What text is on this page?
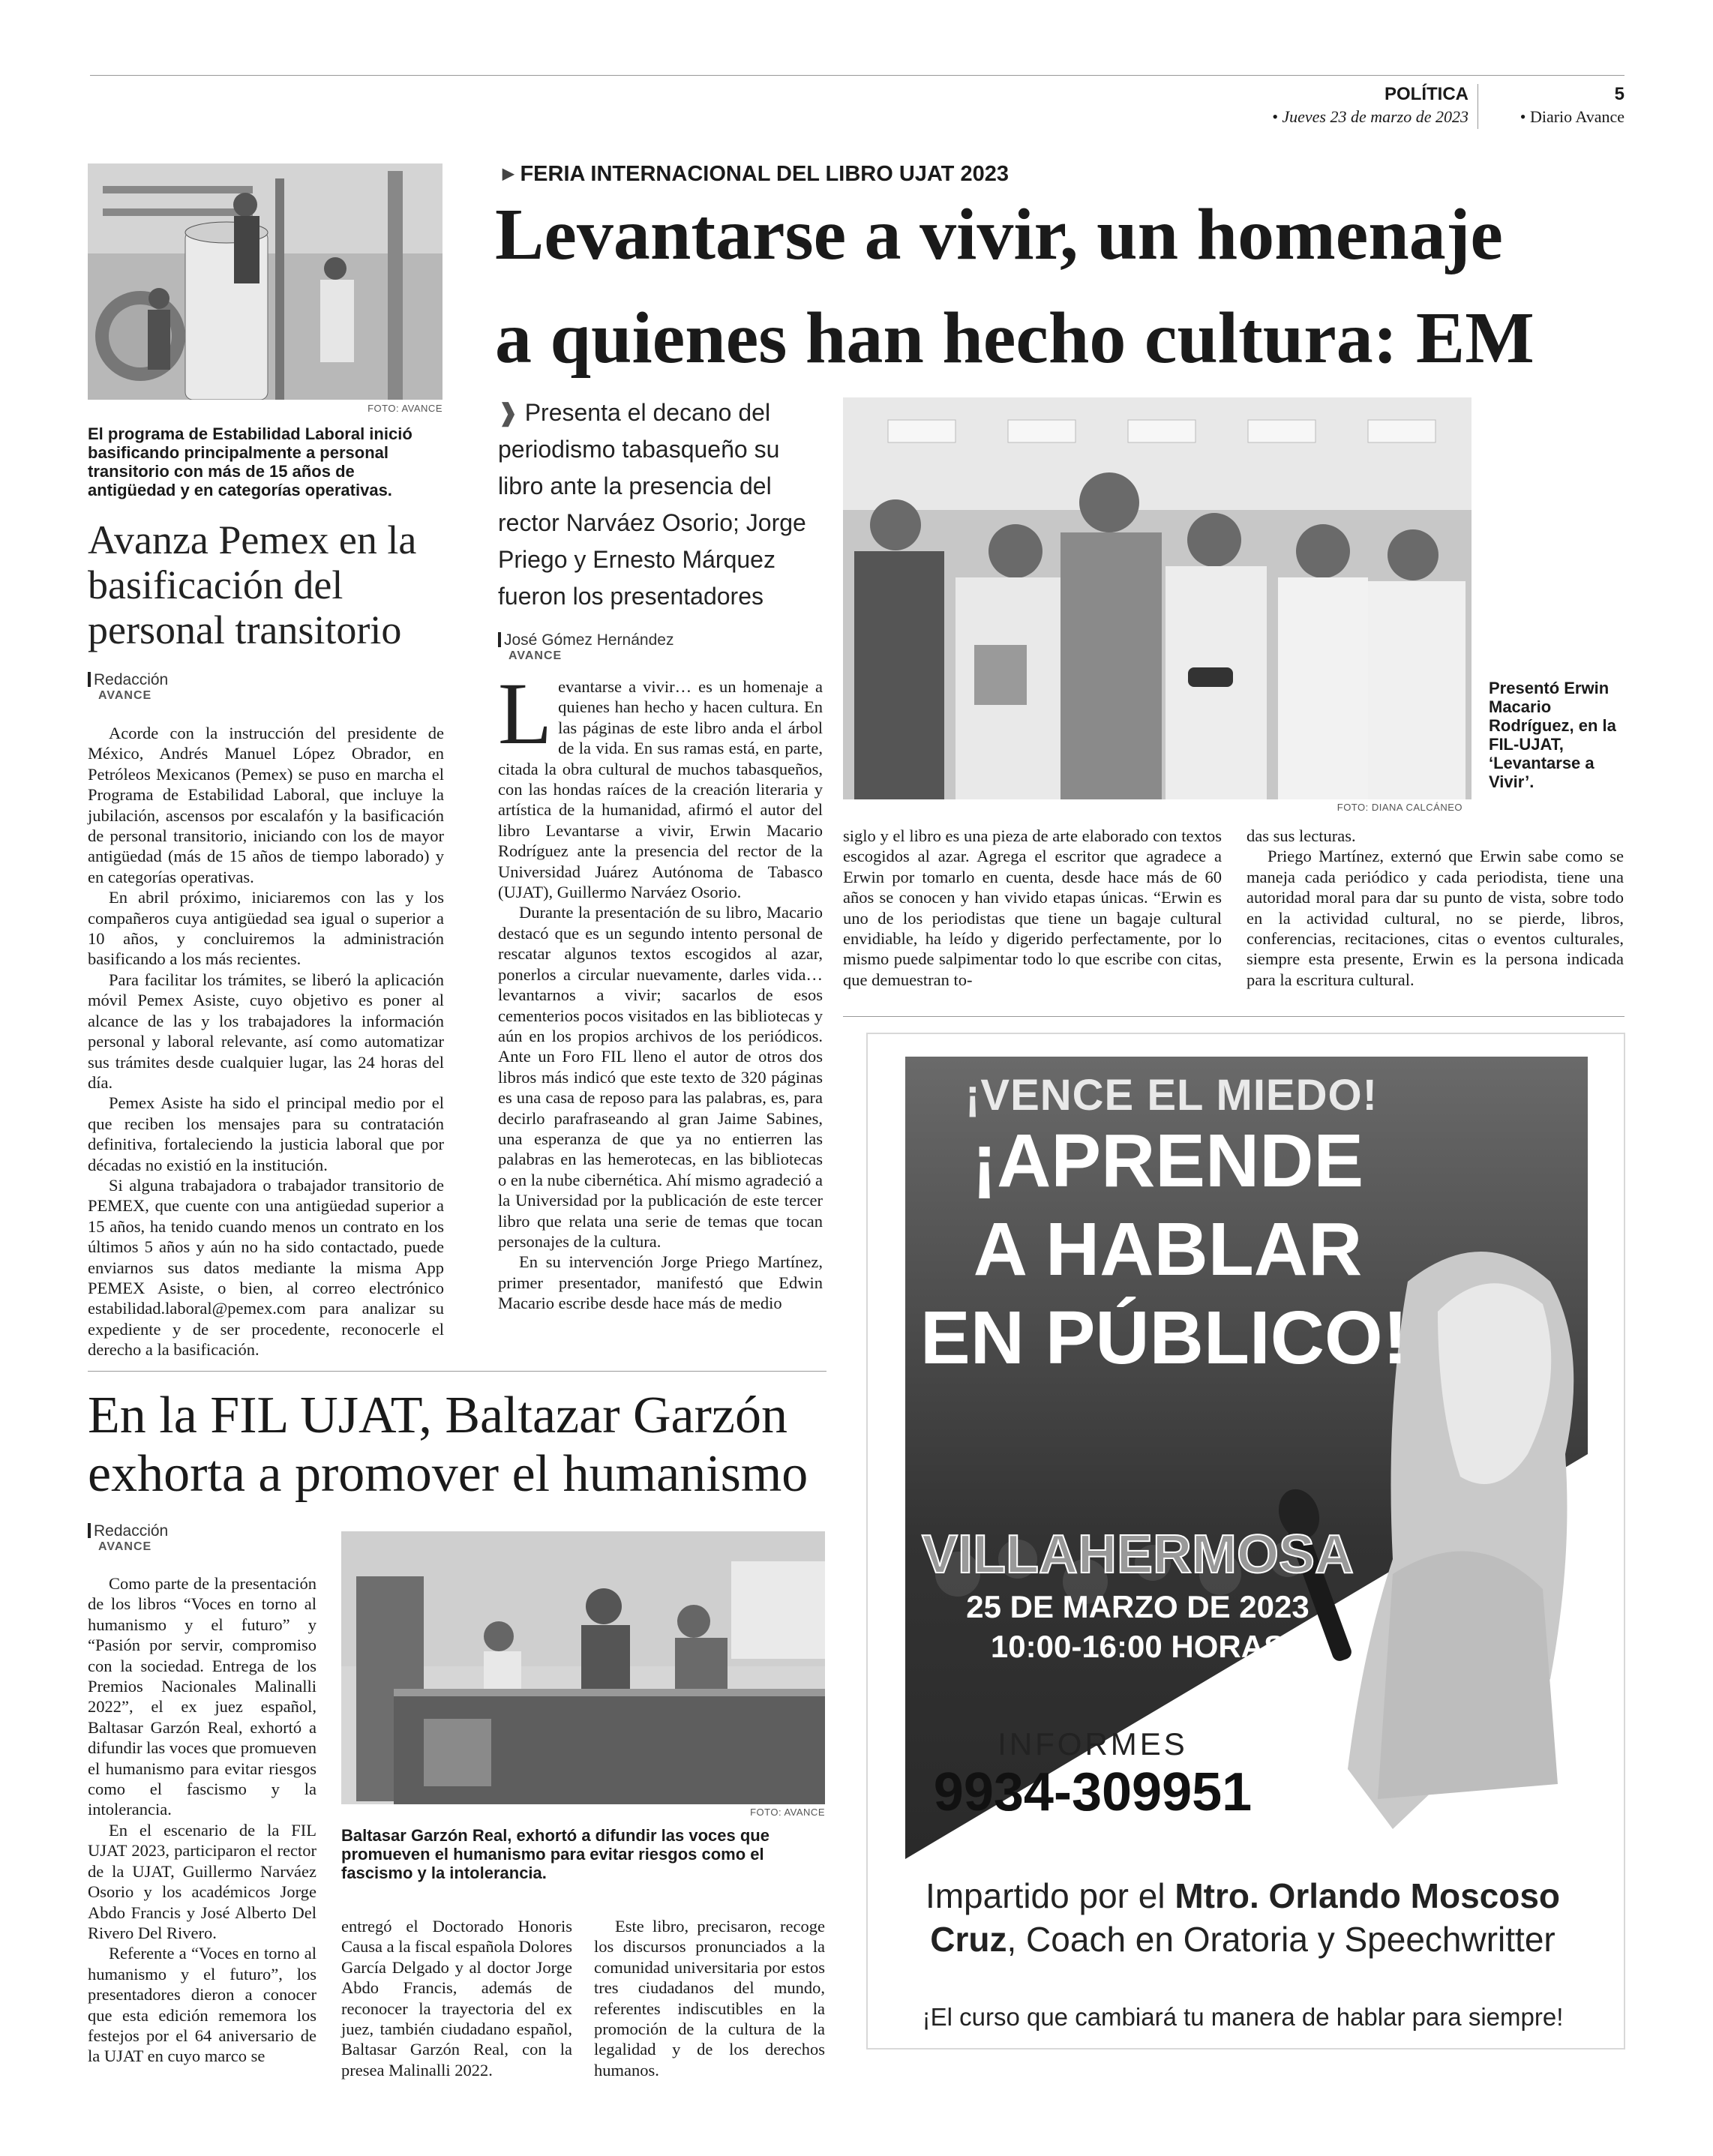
POLÍTICA
• Jueves 23 de marzo de 2023
5
• Diario Avance
FOTO: AVANCE
El programa de Estabilidad Laboral inició basificando principalmente a personal transitorio con más de 15 años de antigüedad y en categorías operativas.
Avanza Pemex en la basificación del personal transitorio
Redacción
AVANCE

Acorde con la instrucción del presidente de México, Andrés Manuel López Obrador, en Petróleos Mexicanos (Pemex) se puso en marcha el Programa de Estabilidad Laboral, que incluye la jubilación, ascensos por escalafón y la basificación de personal transitorio, iniciando con los de mayor antigüedad (más de 15 años de tiempo laborado) y en categorías operativas.

En abril próximo, iniciaremos con las y los compañeros cuya antigüedad sea igual o superior a 10 años, y concluiremos la administración basificando a los más recientes.

Para facilitar los trámites, se liberó la aplicación móvil Pemex Asiste, cuyo objetivo es poner al alcance de las y los trabajadores la información personal y laboral relevante, así como automatizar sus trámites desde cualquier lugar, las 24 horas del día.

Pemex Asiste ha sido el principal medio por el que reciben los mensajes para su contratación definitiva, fortaleciendo la justicia laboral que por décadas no existió en la institución.

Si alguna trabajadora o trabajador transitorio de PEMEX, que cuente con una antigüedad superior a 15 años, ha tenido cuando menos un contrato en los últimos 5 años y aún no ha sido contactado, puede enviarnos sus datos mediante la misma App PEMEX Asiste, o bien, al correo electrónico estabilidad.laboral@pemex.com para analizar su expediente y de ser procedente, reconocerle el derecho a la basificación.

▶ FERIA INTERNACIONAL DEL LIBRO UJAT 2023
Levantarse a vivir, un homenaje
a quienes han hecho cultura: EM
❱ Presenta el decano del periodismo tabasqueño su libro ante la presencia del rector Narváez Osorio; Jorge Priego y Ernesto Márquez fueron los presentadores
José Gómez Hernández
AVANCE
FOTO: DIANA CALCÁNEO
Presentó Erwin Macario Rodríguez, en la FIL-UJAT, ‘Levantarse a Vivir’.
L evantarse a vivir… es un homenaje a quienes han hecho y hacen cultura. En las páginas de este libro anda el árbol de la vida. En sus ramas está, en parte, citada la obra cultural de muchos tabasqueños, con las hondas raíces de la creación literaria y artística de la humanidad, afirmó el autor del libro Levantarse a vivir, Erwin Macario Rodríguez ante la presencia del rector de la Universidad Juárez Autónoma de Tabasco (UJAT), Guillermo Narváez Osorio.

Durante la presentación de su libro, Macario destacó que es un segundo intento personal de rescatar algunos textos escogidos al azar, ponerlos a circular nuevamente, darles vida… levantarnos a vivir; sacarlos de esos cementerios pocos visitados en las bibliotecas y aún en los propios archivos de los periódicos. Ante un Foro FIL lleno el autor de otros dos libros más indicó que este texto de 320 páginas es una casa de reposo para las palabras, es, para decirlo parafraseando al gran Jaime Sabines, una esperanza de que ya no entierren las palabras en las hemerotecas, en las bibliotecas o en la nube cibernética. Ahí mismo agradeció a la Universidad por la publicación de este tercer libro que relata una serie de temas que tocan personajes de la cultura.

En su intervención Jorge Priego Martínez, primer presentador, manifestó que Edwin Macario escribe desde hace más de medio

siglo y el libro es una pieza de arte elaborado con textos escogidos al azar. Agrega el escritor que agradece a Erwin por tomarlo en cuenta, desde hace más de 60 años se conocen y han vivido etapas únicas. “Erwin es uno de los periodistas que tiene un bagaje cultural envidiable, ha leído y digerido perfectamente, por lo mismo puede salpimentar todo lo que escribe con citas, que demuestran to-

das sus lecturas.

Priego Martínez, externó que Erwin sabe como se maneja cada periódico y cada periodista, tiene una autoridad moral para dar su punto de vista, sobre todo en la actividad cultural, no se pierde, libros, conferencias, recitaciones, citas o eventos culturales, siempre esta presente, Erwin es la persona indicada para la escritura cultural.

En la FIL UJAT, Baltazar Garzón
exhorta a promover el humanismo
Redacción
AVANCE
FOTO: AVANCE
Baltasar Garzón Real, exhortó a difundir las voces que promueven el humanismo para evitar riesgos como el fascismo y la intolerancia.

Como parte de la presentación de los libros “Voces en torno al humanismo y el futuro” y “Pasión por servir, compromiso con la sociedad. Entrega de los Premios Nacionales Malinalli 2022”, el ex juez español, Baltasar Garzón Real, exhortó a difundir las voces que promueven el humanismo para evitar riesgos como el fascismo y la intolerancia.

En el escenario de la FIL UJAT 2023, participaron el rector de la UJAT, Guillermo Narváez Osorio y los académicos Jorge Abdo Francis y José Alberto Del Rivero Del Rivero.

Referente a “Voces en torno al humanismo y el futuro”, los presentadores dieron a conocer que esta edición rememora los festejos por el 64 aniversario de la UJAT en cuyo marco se

entregó el Doctorado Honoris Causa a la fiscal española Dolores García Delgado y al doctor Jorge Abdo Francis, además de reconocer la trayectoria del ex juez, también ciudadano español, Baltasar Garzón Real, con la presea Malinalli 2022.

Este libro, precisaron, recoge los discursos pronunciados a la comunidad universitaria por estos tres ciudadanos del mundo, referentes indiscutibles en la promoción de la cultura de la legalidad y de los derechos humanos.

¡VENCE EL MIEDO!
¡APRENDE
A HABLAR
EN PÚBLICO!
VILLAHERMOSA
25 DE MARZO DE 2023
10:00-16:00 HORAS
INFORMES
9934-309951
Impartido por el Mtro. Orlando Moscoso Cruz, Coach en Oratoria y Speechwritter
¡El curso que cambiará tu manera de hablar para siempre!
